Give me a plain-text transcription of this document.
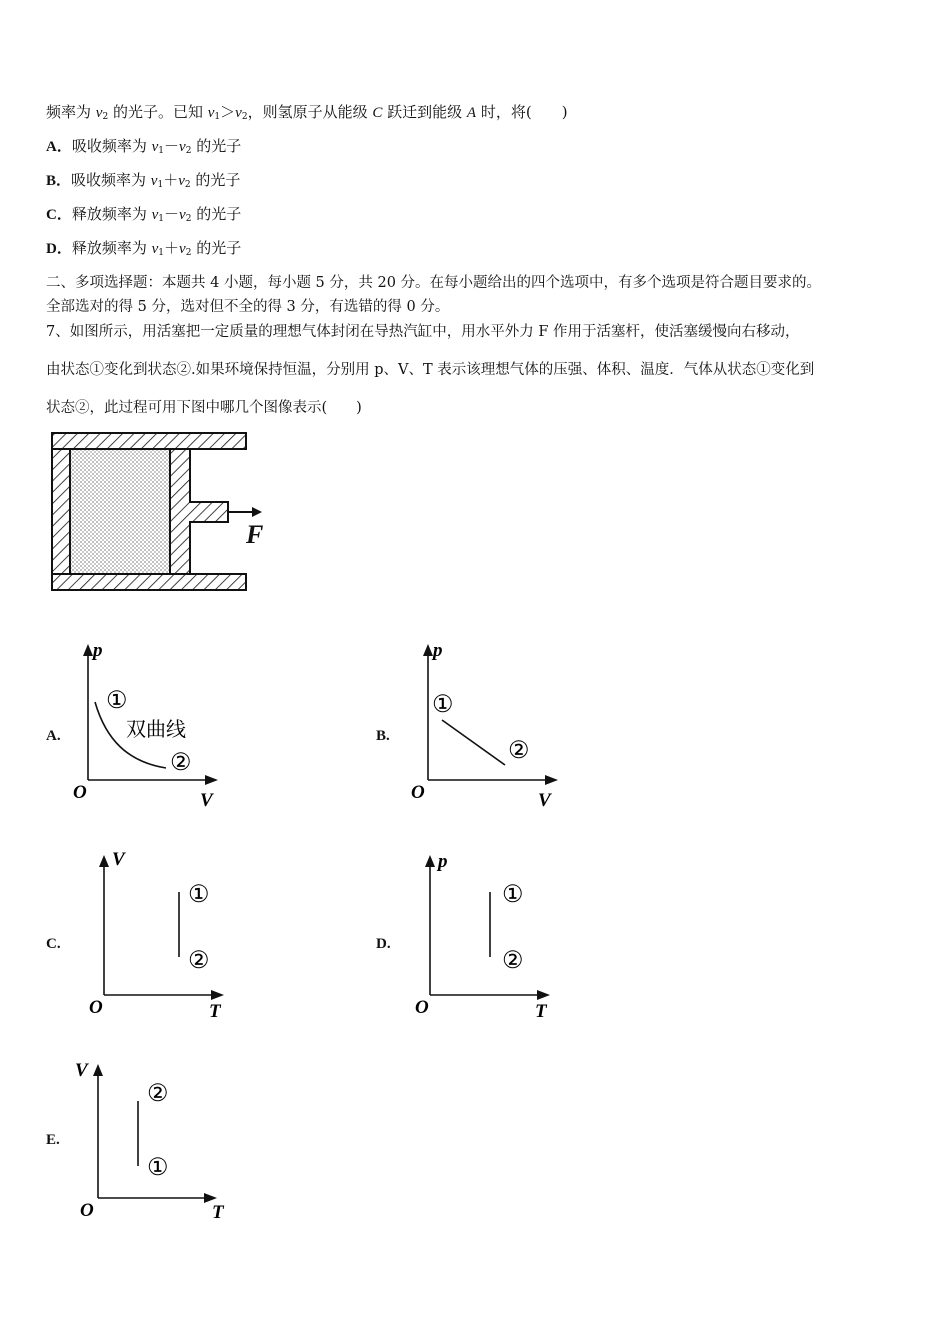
频率为 $v_2$ 的光子。已知 $v_1>v_2$，则氢原子从能级 C 跃迁到能级 A 时，将(　　)
A．吸收频率为 $v_1-v_2$ 的光子
B．吸收频率为 $v_1+v_2$ 的光子
C．释放频率为 $v_1-v_2$ 的光子
D．释放频率为 $v_1+v_2$ 的光子
二、多项选择题：本题共 4 小题，每小题 5 分，共 20 分。在每小题给出的四个选项中，有多个选项是符合题目要求的。
全部选对的得 5 分，选对但不全的得 3 分，有选错的得 0 分。
7、如图所示，用活塞把一定质量的理想气体封闭在导热汽缸中，用水平外力 F 作用于活塞杆，使活塞缓慢向右移动，
由状态①变化到状态②.如果环境保持恒温，分别用 p、V、T 表示该理想气体的压强、体积、温度．气体从状态①变化到
状态②，此过程可用下图中哪几个图像表示(　　)
F
A.
p
V
O
①
双曲线
②
B.
p
V
O
①
②
C.
V
T
O
①
②
D.
p
T
O
①
②
E.
V
T
O
②
①
